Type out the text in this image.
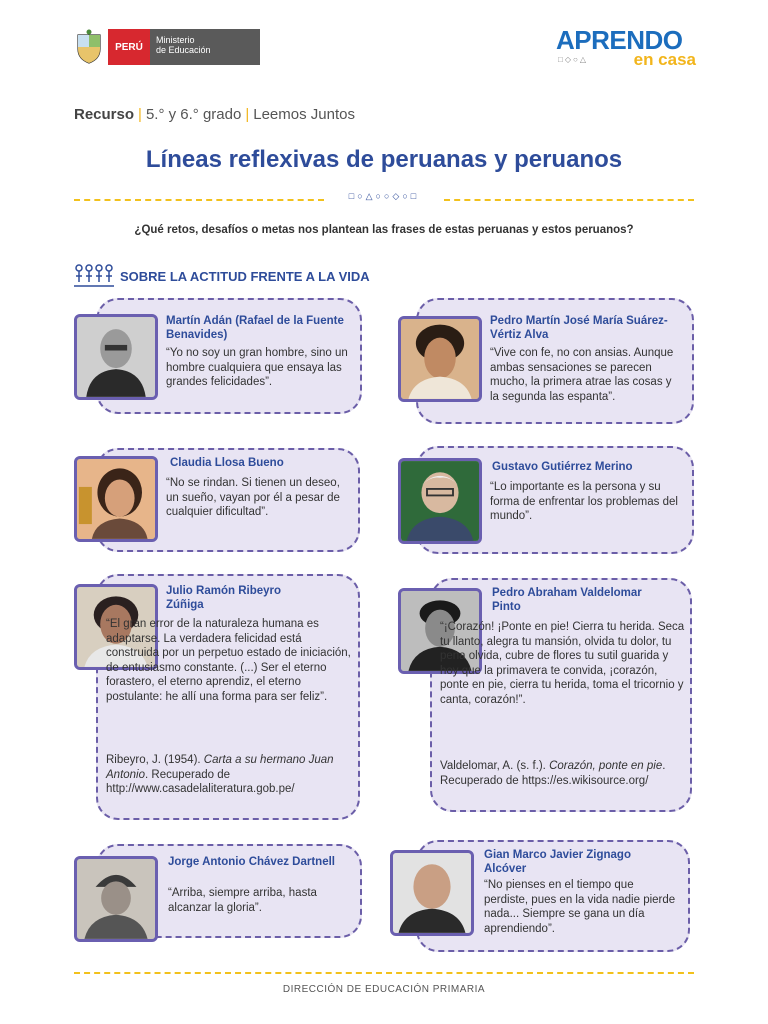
PERÚ
Ministerio
de Educación	APRENDO
□◇○△	en casa
Recurso | 5.° y 6.° grado | Leemos Juntos
Líneas reflexivas de peruanas y peruanos
□○△○○◇○□
¿Qué retos, desafíos o metas nos plantean las frases de estas peruanas y estos peruanos?
SOBRE LA ACTITUD FRENTE A LA VIDA
Martín Adán (Rafael de la Fuente Benavides)
“Yo no soy un gran hombre, sino un hombre cualquiera que ensaya las grandes felicidades”.
Pedro Martín José María Suárez-Vértiz Alva
“Vive con fe, no con ansias. Aunque ambas sensaciones se parecen mucho, la primera atrae las cosas y la segunda las espanta”.
Claudia Llosa Bueno
“No se rindan. Si tienen un deseo, un sueño, vayan por él a pesar de cualquier dificultad”.
Gustavo Gutiérrez Merino
“Lo importante es la persona y su forma de enfrentar los problemas del mundo”.
Julio Ramón Ribeyro Zúñiga
“El gran error de la naturaleza humana es adaptarse. La verdadera felicidad está construida por un perpetuo estado de iniciación, de entusiasmo constante. (...) Ser el eterno forastero, el eterno aprendiz, el eterno postulante: he allí una forma para ser feliz”.
Ribeyro, J. (1954). Carta a su hermano Juan Antonio. Recuperado de http://www.casadelaliteratura.gob.pe/
Pedro Abraham Valdelomar Pinto
“¡Corazón! ¡Ponte en pie! Cierra tu herida. Seca tu llanto, alegra tu mansión, olvida tu dolor, tu pena olvida, cubre de flores tu sutil guarida y hoy que la primavera te convida, ¡corazón, ponte en pie, cierra tu herida, toma el tricornio y canta, corazón!”.
Valdelomar, A. (s. f.). Corazón, ponte en pie. Recuperado de https://es.wikisource.org/
Jorge Antonio Chávez Dartnell
“Arriba, siempre arriba, hasta alcanzar la gloria”.
Gian Marco Javier Zignago Alcóver
“No pienses en el tiempo que perdiste, pues en la vida nadie pierde nada... Siempre se gana un día aprendiendo”.
DIRECCIÓN DE EDUCACIÓN PRIMARIA
